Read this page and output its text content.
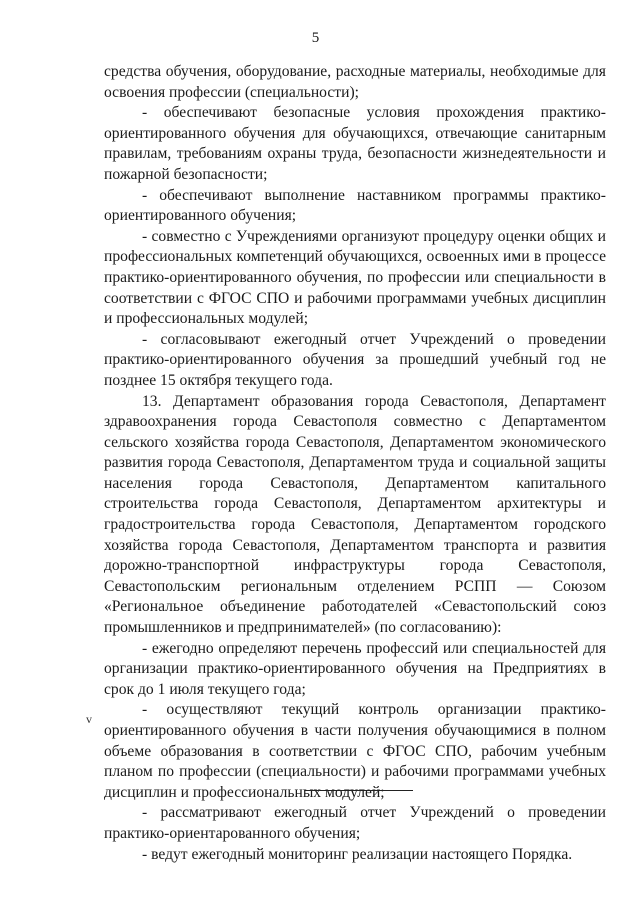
5

средства обучения, оборудование, расходные материалы, необходимые для освоения профессии (специальности);

- обеспечивают безопасные условия прохождения практико-ориентированного обучения для обучающихся, отвечающие санитарным правилам, требованиям охраны труда, безопасности жизнедеятельности и пожарной безопасности;

- обеспечивают выполнение наставником программы практико-ориентированного обучения;

- совместно с Учреждениями организуют процедуру оценки общих и профессиональных компетенций обучающихся, освоенных ими в процессе практико-ориентированного обучения, по профессии или специальности в соответствии с ФГОС СПО и рабочими программами учебных дисциплин и профессиональных модулей;

- согласовывают ежегодный отчет Учреждений о проведении практико-ориентированного обучения за прошедший учебный год не позднее 15 октября текущего года.

13. Департамент образования города Севастополя, Департамент здравоохранения города Севастополя совместно с Департаментом сельского хозяйства города Севастополя, Департаментом экономического развития города Севастополя, Департаментом труда и социальной защиты населения города Севастополя, Департаментом капитального строительства города Севастополя, Департаментом архитектуры и градостроительства города Севастополя, Департаментом городского хозяйства города Севастополя, Департаментом транспорта и развития дорожно-транспортной инфраструктуры города Севастополя, Севастопольским региональным отделением РСПП — Союзом «Региональное объединение работодателей «Севастопольский союз промышленников и предпринимателей» (по согласованию):

- ежегодно определяют перечень профессий или специальностей для организации практико-ориентированного обучения на Предприятиях в срок до 1 июля текущего года;

- осуществляют текущий контроль организации практико-ориентированного обучения в части получения обучающимися в полном объеме образования в соответствии с ФГОС СПО, рабочим учебным планом по профессии (специальности) и рабочими программами учебных дисциплин и профессиональных модулей;

- рассматривают ежегодный отчет Учреждений о проведении практико-ориентарованного обучения;

- ведут ежегодный мониторинг реализации настоящего Порядка.

v
